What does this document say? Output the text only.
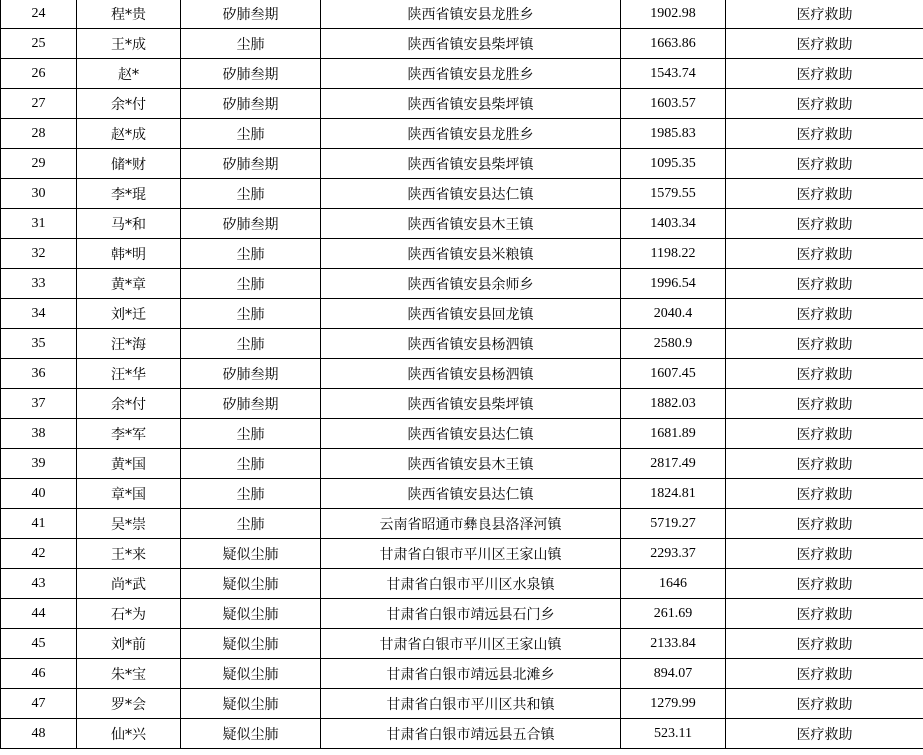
24	程*贵	矽肺叁期	陕西省镇安县龙胜乡	1902.98	医疗救助
25	王*成	尘肺	陕西省镇安县柴坪镇	1663.86	医疗救助
26	赵*	矽肺叁期	陕西省镇安县龙胜乡	1543.74	医疗救助
27	余*付	矽肺叁期	陕西省镇安县柴坪镇	1603.57	医疗救助
28	赵*成	尘肺	陕西省镇安县龙胜乡	1985.83	医疗救助
29	储*财	矽肺叁期	陕西省镇安县柴坪镇	1095.35	医疗救助
30	李*琨	尘肺	陕西省镇安县达仁镇	1579.55	医疗救助
31	马*和	矽肺叁期	陕西省镇安县木王镇	1403.34	医疗救助
32	韩*明	尘肺	陕西省镇安县米粮镇	1198.22	医疗救助
33	黄*章	尘肺	陕西省镇安县余师乡	1996.54	医疗救助
34	刘*迁	尘肺	陕西省镇安县回龙镇	2040.4	医疗救助
35	汪*海	尘肺	陕西省镇安县杨泗镇	2580.9	医疗救助
36	汪*华	矽肺叁期	陕西省镇安县杨泗镇	1607.45	医疗救助
37	余*付	矽肺叁期	陕西省镇安县柴坪镇	1882.03	医疗救助
38	李*军	尘肺	陕西省镇安县达仁镇	1681.89	医疗救助
39	黄*国	尘肺	陕西省镇安县木王镇	2817.49	医疗救助
40	章*国	尘肺	陕西省镇安县达仁镇	1824.81	医疗救助
41	吴*崇	尘肺	云南省昭通市彝良县洛泽河镇	5719.27	医疗救助
42	王*来	疑似尘肺	甘肃省白银市平川区王家山镇	2293.37	医疗救助
43	尚*武	疑似尘肺	甘肃省白银市平川区水泉镇	1646	医疗救助
44	石*为	疑似尘肺	甘肃省白银市靖远县石门乡	261.69	医疗救助
45	刘*前	疑似尘肺	甘肃省白银市平川区王家山镇	2133.84	医疗救助
46	朱*宝	疑似尘肺	甘肃省白银市靖远县北滩乡	894.07	医疗救助
47	罗*会	疑似尘肺	甘肃省白银市平川区共和镇	1279.99	医疗救助
48	仙*兴	疑似尘肺	甘肃省白银市靖远县五合镇	523.11	医疗救助
